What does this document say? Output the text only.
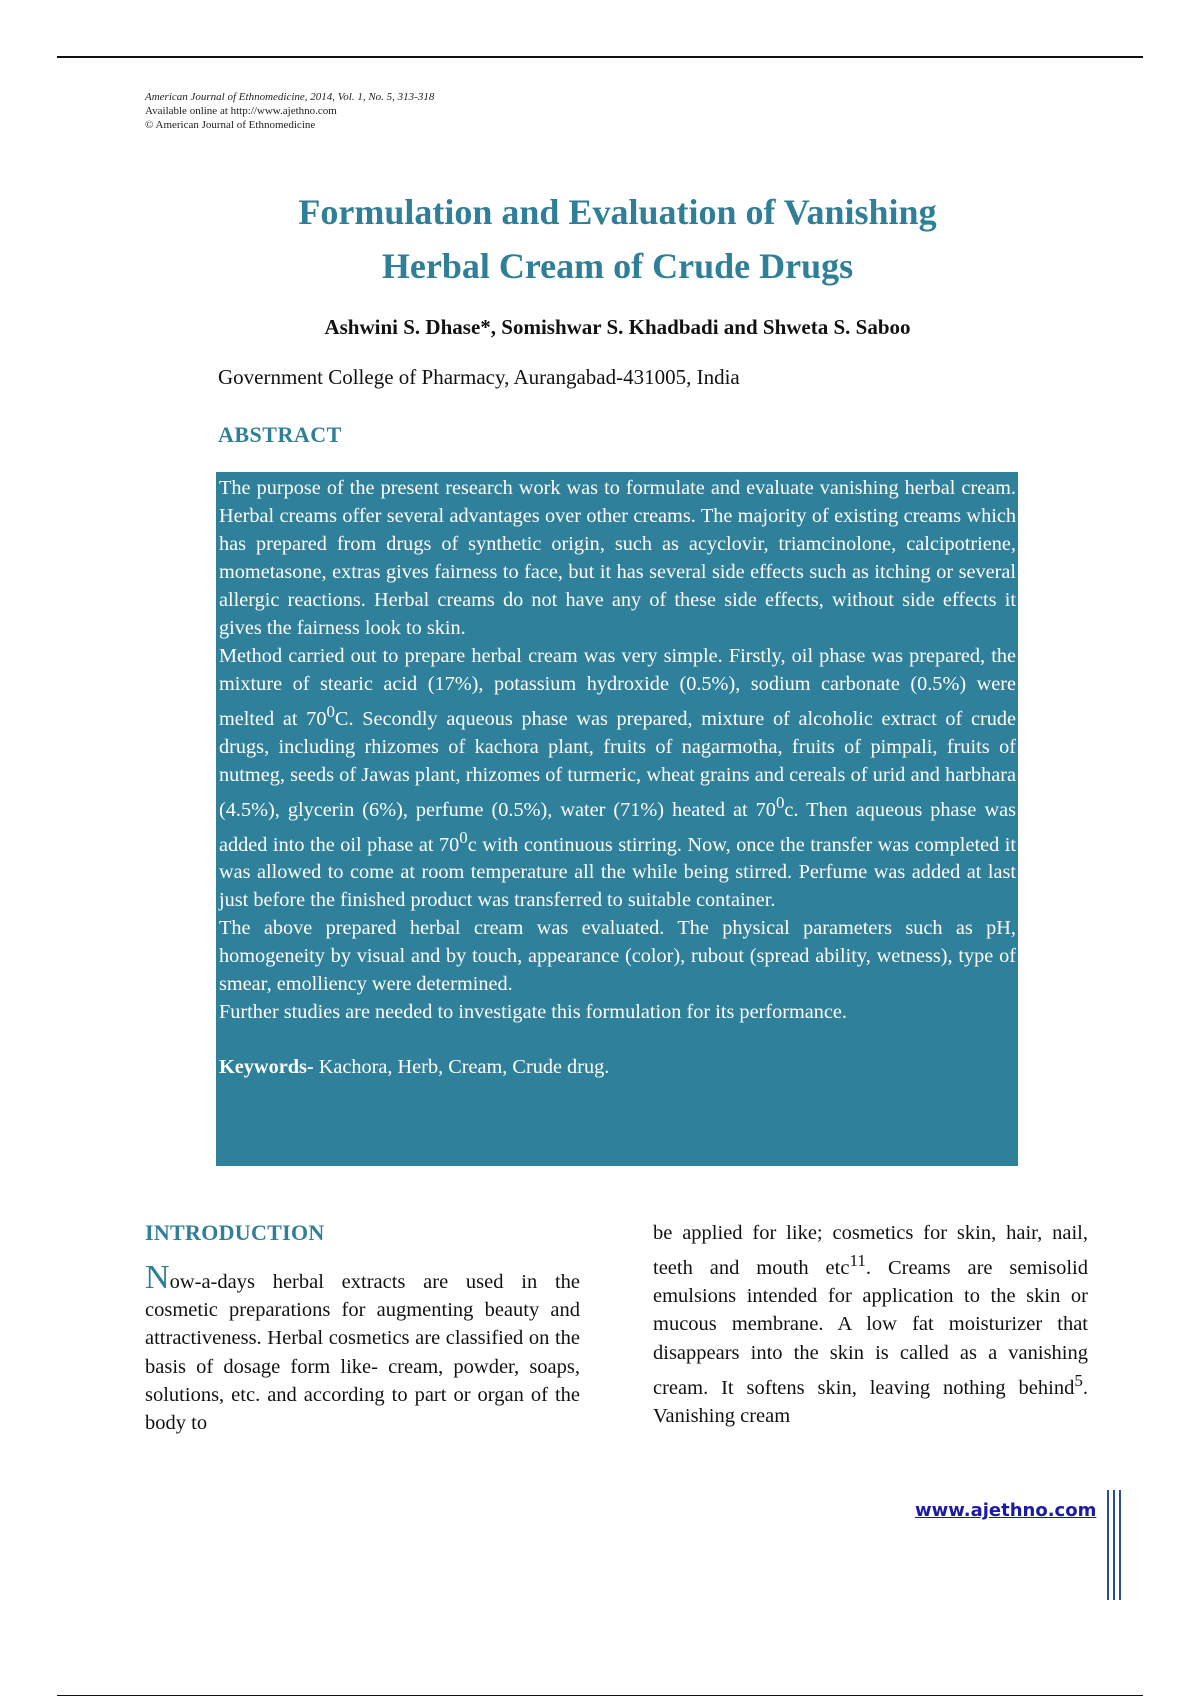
American Journal of Ethnomedicine, 2014, Vol. 1, No. 5, 313-318
Available online at http://www.ajethno.com
© American Journal of Ethnomedicine
Formulation and Evaluation of Vanishing
Herbal Cream of Crude Drugs
Ashwini S. Dhase*, Somishwar S. Khadbadi and Shweta S. Saboo
Government College of Pharmacy, Aurangabad-431005, India
ABSTRACT

The purpose of the present research work was to formulate and evaluate vanishing herbal cream. Herbal creams offer several advantages over other creams. The majority of existing creams which has prepared from drugs of synthetic origin, such as acyclovir, triamcinolone, calcipotriene, mometasone, extras gives fairness to face, but it has several side effects such as itching or several allergic reactions. Herbal creams do not have any of these side effects, without side effects it gives the fairness look to skin.

Method carried out to prepare herbal cream was very simple. Firstly, oil phase was prepared, the mixture of stearic acid (17%), potassium hydroxide (0.5%), sodium carbonate (0.5%) were melted at $70^0C$. Secondly aqueous phase was prepared, mixture of alcoholic extract of crude drugs, including rhizomes of kachora plant, fruits of nagarmotha, fruits of pimpali, fruits of nutmeg, seeds of Jawas plant, rhizomes of turmeric, wheat grains and cereals of urid and harbhara (4.5%), glycerin (6%), perfume (0.5%), water (71%) heated at $70^0c$. Then aqueous phase was added into the oil phase at $70^0c$ with continuous stirring. Now, once the transfer was completed it was allowed to come at room temperature all the while being stirred. Perfume was added at last just before the finished product was transferred to suitable container.

The above prepared herbal cream was evaluated. The physical parameters such as pH, homogeneity by visual and by touch, appearance (color), rubout (spread ability, wetness), type of smear, emolliency were determined.

Further studies are needed to investigate this formulation for its performance.

Keywords- Kachora, Herb, Cream, Crude drug.

INTRODUCTION
Now-a-days herbal extracts are used in the cosmetic preparations for augmenting beauty and attractiveness. Herbal cosmetics are classified on the basis of dosage form like- cream, powder, soaps, solutions, etc. and according to part or organ of the body to
be applied for like; cosmetics for skin, hair, nail, teeth and mouth etc$^{11}$. Creams are semisolid emulsions intended for application to the skin or mucous membrane. A low fat moisturizer that disappears into the skin is called as a vanishing cream. It softens skin, leaving nothing behind$^5$. Vanishing cream
www.ajethno.com
